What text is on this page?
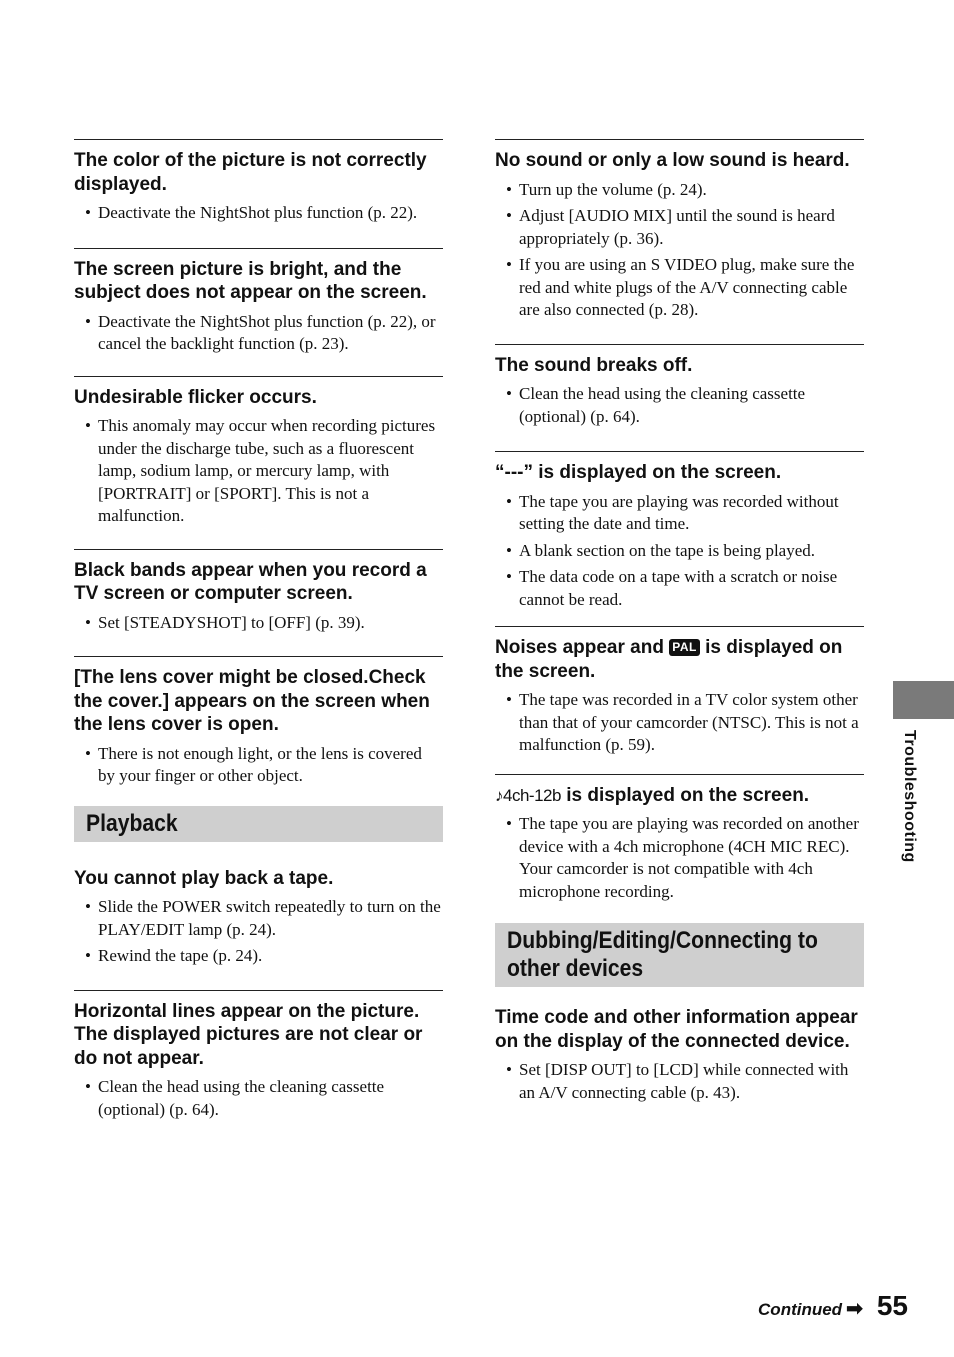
The color of the picture is not correctly displayed.
• Deactivate the NightShot plus function (p. 22).
The screen picture is bright, and the subject does not appear on the screen.
• Deactivate the NightShot plus function (p. 22), or cancel the backlight function (p. 23).
Undesirable flicker occurs.
• This anomaly may occur when recording pictures under the discharge tube, such as a fluorescent lamp, sodium lamp, or mercury lamp, with [PORTRAIT] or [SPORT]. This is not a malfunction.
Black bands appear when you record a TV screen or computer screen.
• Set [STEADYSHOT] to [OFF] (p. 39).
[The lens cover might be closed.Check the cover.] appears on the screen when the lens cover is open.
• There is not enough light, or the lens is covered by your finger or other object.
Playback
You cannot play back a tape.
• Slide the POWER switch repeatedly to turn on the PLAY/EDIT lamp (p. 24).
• Rewind the tape (p. 24).
Horizontal lines appear on the picture. The displayed pictures are not clear or do not appear.
• Clean the head using the cleaning cassette (optional) (p. 64).
No sound or only a low sound is heard.
• Turn up the volume (p. 24).
• Adjust [AUDIO MIX] until the sound is heard appropriately (p. 36).
• If you are using an S VIDEO plug, make sure the red and white plugs of the A/V connecting cable are also connected (p. 28).
The sound breaks off.
• Clean the head using the cleaning cassette (optional) (p. 64).
“---” is displayed on the screen.
• The tape you are playing was recorded without setting the date and time.
• A blank section on the tape is being played.
• The data code on a tape with a scratch or noise cannot be read.
Noises appear and PAL is displayed on the screen.
• The tape was recorded in a TV color system other than that of your camcorder (NTSC). This is not a malfunction (p. 59).
♪4ch-12b is displayed on the screen.
• The tape you are playing was recorded on another device with a 4ch microphone (4CH MIC REC). Your camcorder is not compatible with 4ch microphone recording.
Dubbing/Editing/Connecting to
other devices
Time code and other information appear on the display of the connected device.
• Set [DISP OUT] to [LCD] while connected with an A/V connecting cable (p. 43).
Troubleshooting
Continued ➡ 55
